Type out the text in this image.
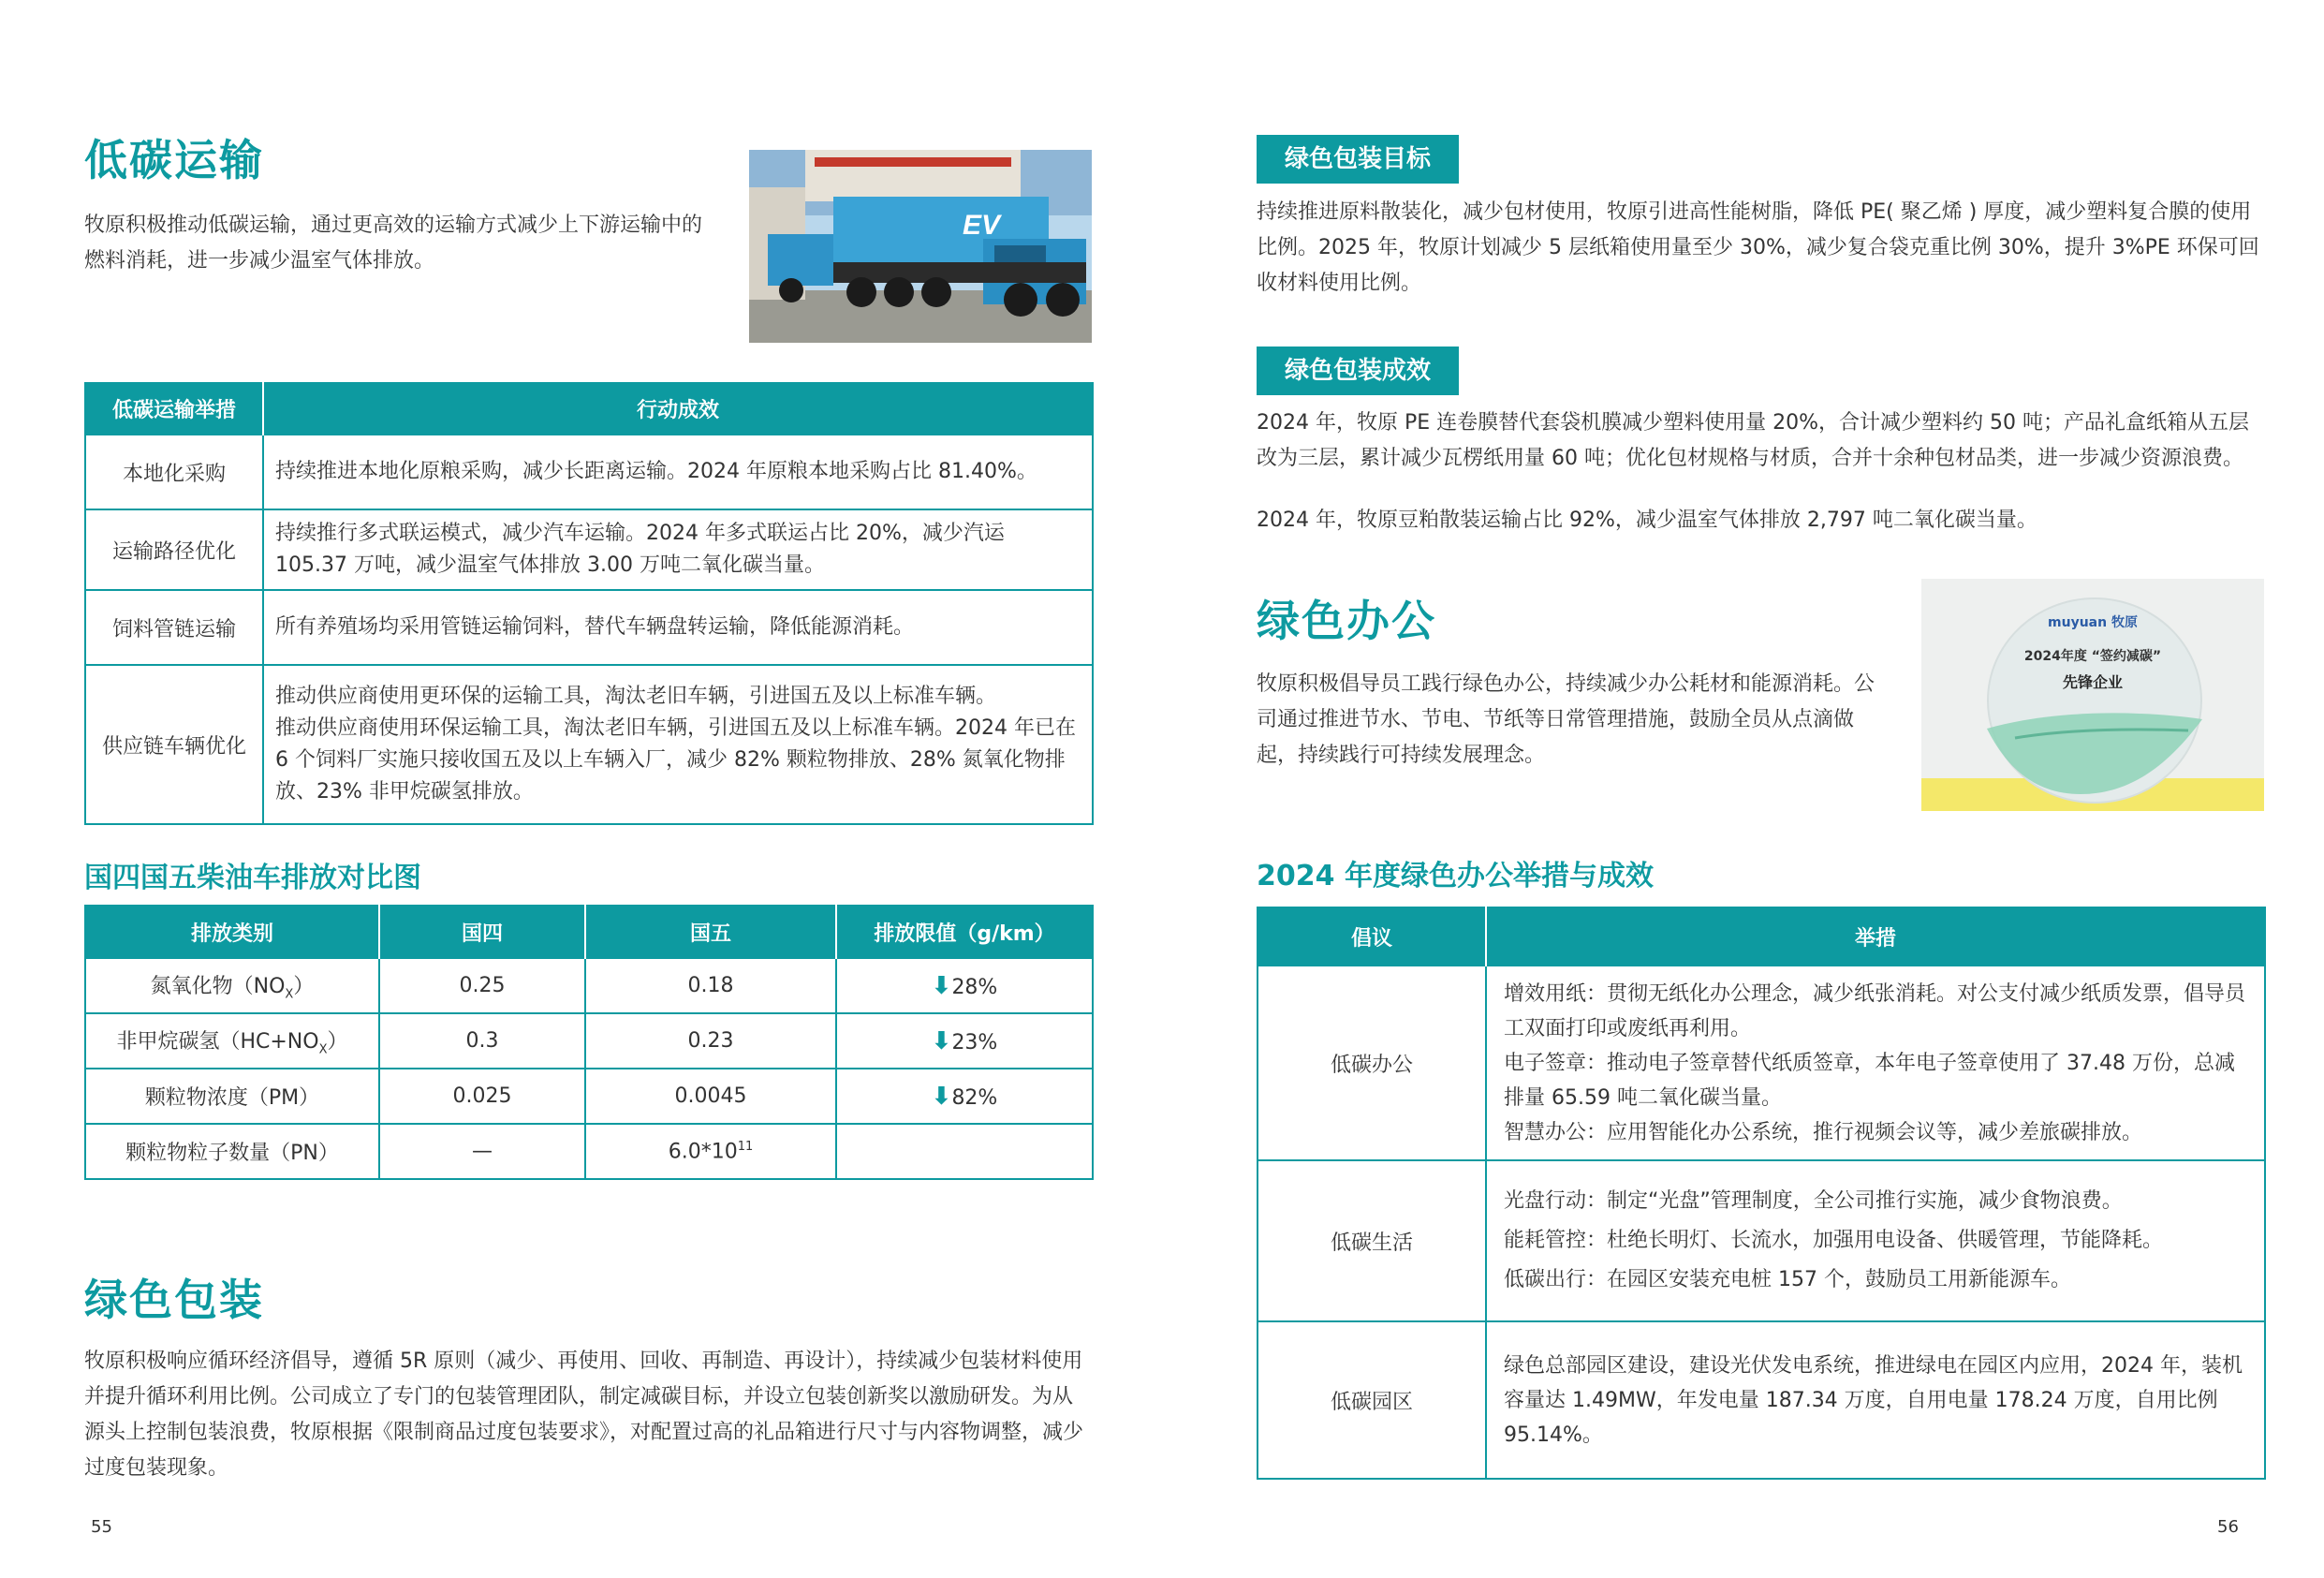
低碳运输
牧原积极推动低碳运输，通过更高效的运输方式减少上下游运输中的燃料消耗，进一步减少温室气体排放。
EV
低碳运输举措	行动成效
本地化采购	持续推进本地化原粮采购，减少长距离运输。2024 年原粮本地采购占比 81.40%。
运输路径优化	持续推行多式联运模式，减少汽车运输。2024 年多式联运占比 20%，减少汽运 105.37 万吨，减少温室气体排放 3.00 万吨二氧化碳当量。
饲料管链运输	所有养殖场均采用管链运输饲料，替代车辆盘转运输，降低能源消耗。
供应链车辆优化	推动供应商使用更环保的运输工具，淘汰老旧车辆，引进国五及以上标准车辆。
推动供应商使用环保运输工具，淘汰老旧车辆，引进国五及以上标准车辆。2024 年已在 6 个饲料厂实施只接收国五及以上车辆入厂，减少 82% 颗粒物排放、28% 氮氧化物排放、23% 非甲烷碳氢排放。
国四国五柴油车排放对比图
排放类别	国四	国五	排放限值（g/km）
氮氧化物$(NO_X)$	0.25	0.18	⬇28%
非甲烷碳氢$(HC+NO_X)$	0.3	0.23	⬇23%
颗粒物浓度（PM）	0.025	0.0045	⬇82%
颗粒物粒子数量（PN）	—	$6.0*10^{11}$	
绿色包装
牧原积极响应循环经济倡导，遵循 5R 原则（减少、再使用、回收、再制造、再设计），持续减少包装材料使用并提升循环利用比例。公司成立了专门的包装管理团队，制定减碳目标，并设立包装创新奖以激励研发。为从源头上控制包装浪费，牧原根据《限制商品过度包装要求》，对配置过高的礼品箱进行尺寸与内容物调整，减少过度包装现象。
55
绿色包装目标
持续推进原料散装化，减少包材使用，牧原引进高性能树脂，降低 PE( 聚乙烯 ) 厚度，减少塑料复合膜的使用比例。2025 年，牧原计划减少 5 层纸箱使用量至少 30%，减少复合袋克重比例 30%，提升 3%PE 环保可回收材料使用比例。
绿色包装成效
2024 年，牧原 PE 连卷膜替代套袋机膜减少塑料使用量 20%，合计减少塑料约 50 吨；产品礼盒纸箱从五层改为三层，累计减少瓦楞纸用量 60 吨；优化包材规格与材质，合并十余种包材品类，进一步减少资源浪费。
2024 年，牧原豆粕散装运输占比 92%，减少温室气体排放 2,797 吨二氧化碳当量。
绿色办公
牧原积极倡导员工践行绿色办公，持续减少办公耗材和能源消耗。公司通过推进节水、节电、节纸等日常管理措施，鼓励全员从点滴做起，持续践行可持续发展理念。
muyuan 牧原
2024年度 “签约减碳”
先锋企业
2024 年度绿色办公举措与成效
倡议	举措
低碳办公	增效用纸：贯彻无纸化办公理念，减少纸张消耗。对公支付减少纸质发票，倡导员工双面打印或废纸再利用。
电子签章：推动电子签章替代纸质签章，本年电子签章使用了 37.48 万份，总减排量 65.59 吨二氧化碳当量。
智慧办公：应用智能化办公系统，推行视频会议等，减少差旅碳排放。

低碳生活	光盘行动：制定“光盘”管理制度，全公司推行实施，减少食物浪费。
能耗管控：杜绝长明灯、长流水，加强用电设备、供暖管理，节能降耗。
低碳出行：在园区安装充电桩 157 个，鼓励员工用新能源车。

低碳园区	绿色总部园区建设，建设光伏发电系统，推进绿电在园区内应用，2024 年，装机容量达 1.49MW，年发电量 187.34 万度，自用电量 178.24 万度，自用比例 95.14%。
56
